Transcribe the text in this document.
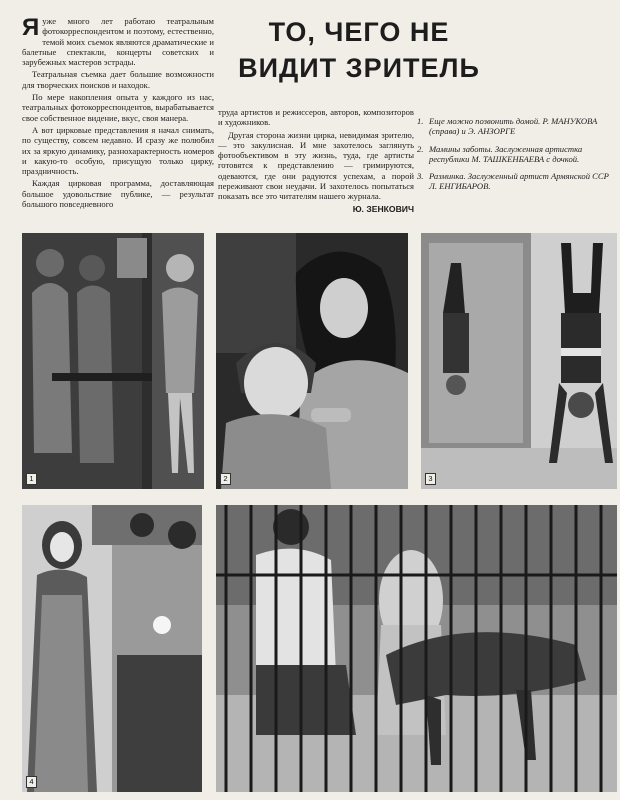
Яуже много лет работаю театральным фотокорреспондентом и поэтому, естественно, темой моих съемок являются драматические и балетные спектакли, концерты советских и зарубежных мастеров эстрады.

Театральная съемка дает большие возможности для творческих поисков и находок.

По мере накопления опыта у каждого из нас, театральных фотокорреспондентов, вырабатывается свое собственное видение, вкус, своя манера.

А вот цирковые представления я начал снимать, по существу, совсем недавно. И сразу же полюбил их за яркую динамику, разнохарактерность номеров и какую-то особую, присущую только цирку, праздничность.

Каждая цирковая программа, доставляющая большое удовольствие публике, — результат большого повседневного

ТО, ЧЕГО НЕ ВИДИТ ЗРИТЕЛЬ

труда артистов и режиссеров, авторов, композиторов и художников.

Другая сторона жизни цирка, невидимая зрителю, — это закулисная. И мне захотелось заглянуть фотообъективом в эту жизнь, туда, где артисты готовятся к представлению — гримируются, одеваются, где они радуются успехам, а порой переживают свои неудачи. И захотелось попытаться показать все это читателям нашего журнала.

Ю. ЗЕНКОВИЧ
1. Еще можно позвонить домой. Р. МАНУКОВА (справа) и Э. АНЗОРГЕ
2. Мамины заботы. Заслуженная артистка республики М. ТАШКЕНБАЕВА с дочкой.
3. Разминка. Заслуженный артист Армянской ССР Л. ЕНГИБАРОВ.
1	2	3
4
